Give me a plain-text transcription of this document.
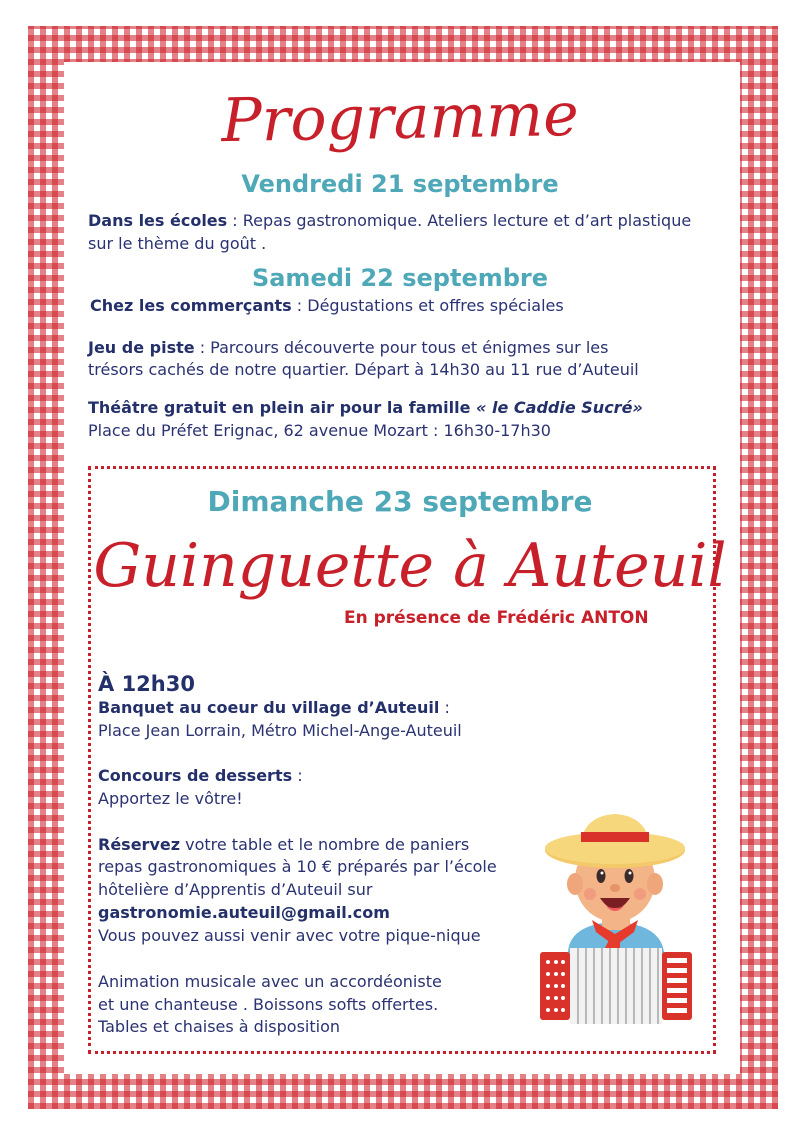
Programme
Vendredi 21 septembre
Dans les écoles : Repas gastronomique. Ateliers lecture et d’art plastique
sur le thème du goût .
Samedi 22 septembre
Chez les commerçants : Dégustations et offres spéciales
Jeu de piste : Parcours découverte pour tous et énigmes sur les
trésors cachés de notre quartier. Départ à 14h30 au 11 rue d’Auteuil
Théâtre gratuit en plein air pour la famille « le Caddie Sucré»
Place du Préfet Erignac, 62 avenue Mozart : 16h30-17h30
Dimanche 23 septembre
Guinguette à Auteuil
En présence de Frédéric ANTON
À 12h30
Banquet au coeur du village d’Auteuil :
Place Jean Lorrain, Métro Michel-Ange-Auteuil
Concours de desserts :
Apportez le vôtre!
Réservez votre table et le nombre de paniers
repas gastronomiques à 10 € préparés par l’école
hôtelière d’Apprentis d’Auteuil sur
gastronomie.auteuil@gmail.com
Vous pouvez aussi venir avec votre pique-nique
Animation musicale avec un accordéoniste
et une chanteuse . Boissons softs offertes.
Tables et chaises à disposition
